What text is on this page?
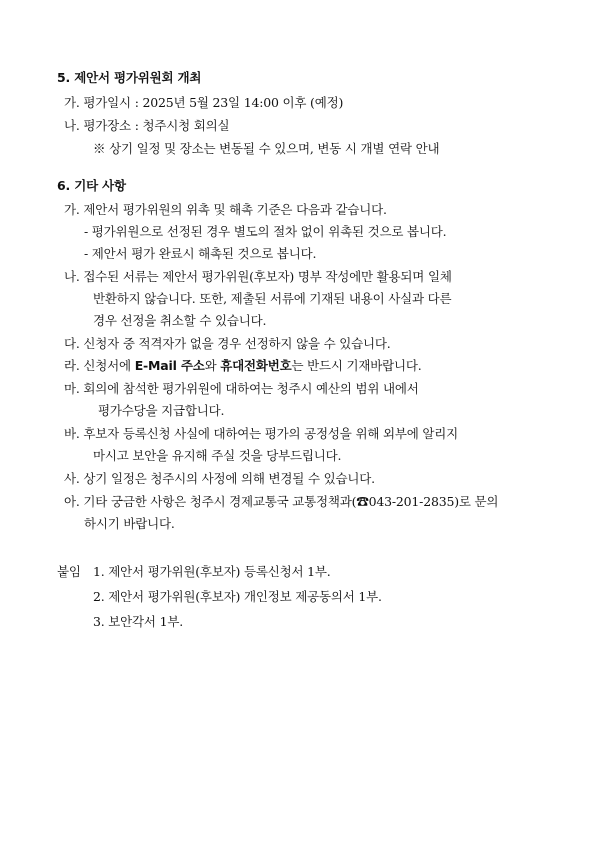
5. 제안서 평가위원회 개최
가. 평가일시 : 2025년 5월 23일 14:00 이후 (예정)
나. 평가장소 : 청주시청 회의실
※ 상기 일정 및 장소는 변동될 수 있으며, 변동 시 개별 연락 안내
6. 기타 사항
가. 제안서 평가위원의 위촉 및 해촉 기준은 다음과 같습니다.
- 평가위원으로 선정된 경우 별도의 절차 없이 위촉된 것으로 봅니다.
- 제안서 평가 완료시 해촉된 것으로 봅니다.
나. 접수된 서류는 제안서 평가위원(후보자) 명부 작성에만 활용되며 일체
반환하지 않습니다. 또한, 제출된 서류에 기재된 내용이 사실과 다른
경우 선정을 취소할 수 있습니다.
다. 신청자 중 적격자가 없을 경우 선정하지 않을 수 있습니다.
라. 신청서에 E-Mail 주소와 휴대전화번호는 반드시 기재바랍니다.
마. 회의에 참석한 평가위원에 대하여는 청주시 예산의 범위 내에서
평가수당을 지급합니다.
바. 후보자 등록신청 사실에 대하여는 평가의 공정성을 위해 외부에 알리지
마시고 보안을 유지해 주실 것을 당부드립니다.
사. 상기 일정은 청주시의 사정에 의해 변경될 수 있습니다.
아. 기타 궁금한 사항은 청주시 경제교통국 교통정책과(☎043-201-2835)로 문의
하시기 바랍니다.
붙임 1. 제안서 평가위원(후보자) 등록신청서 1부.
2. 제안서 평가위원(후보자) 개인정보 제공동의서 1부.
3. 보안각서 1부.
